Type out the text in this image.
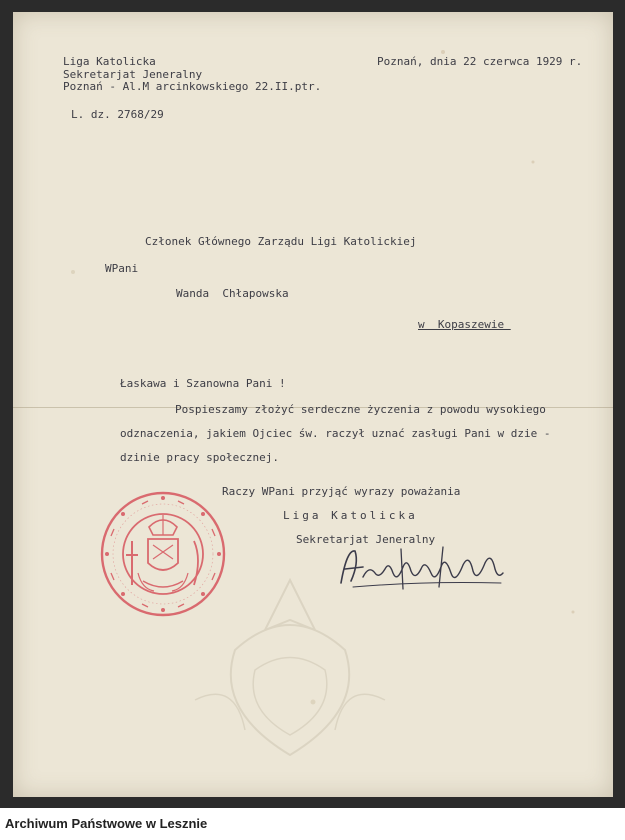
Liga Katolicka

Sekretarjat Jeneralny

Poznań - Al.M arcinkowskiego 22.II.ptr.

Poznań, dnia 22 czerwca 1929 r.

L. dz. 2768/29

Członek Głównego Zarządu Ligi Katolickiej

WPani

Wanda  Chłapowska

w  Kopaszewie

Łaskawa i Szanowna Pani !

Pospieszamy złożyć serdeczne życzenia z powodu wysokiego

odznaczenia, jakiem Ojciec św. raczył uznać zasługi Pani w dzie -

dzinie pracy społecznej.

Raczy WPani przyjąć wyrazy poważania

Liga Katolicka

Sekretarjat Jeneralny

Archiwum Państwowe w Lesznie
